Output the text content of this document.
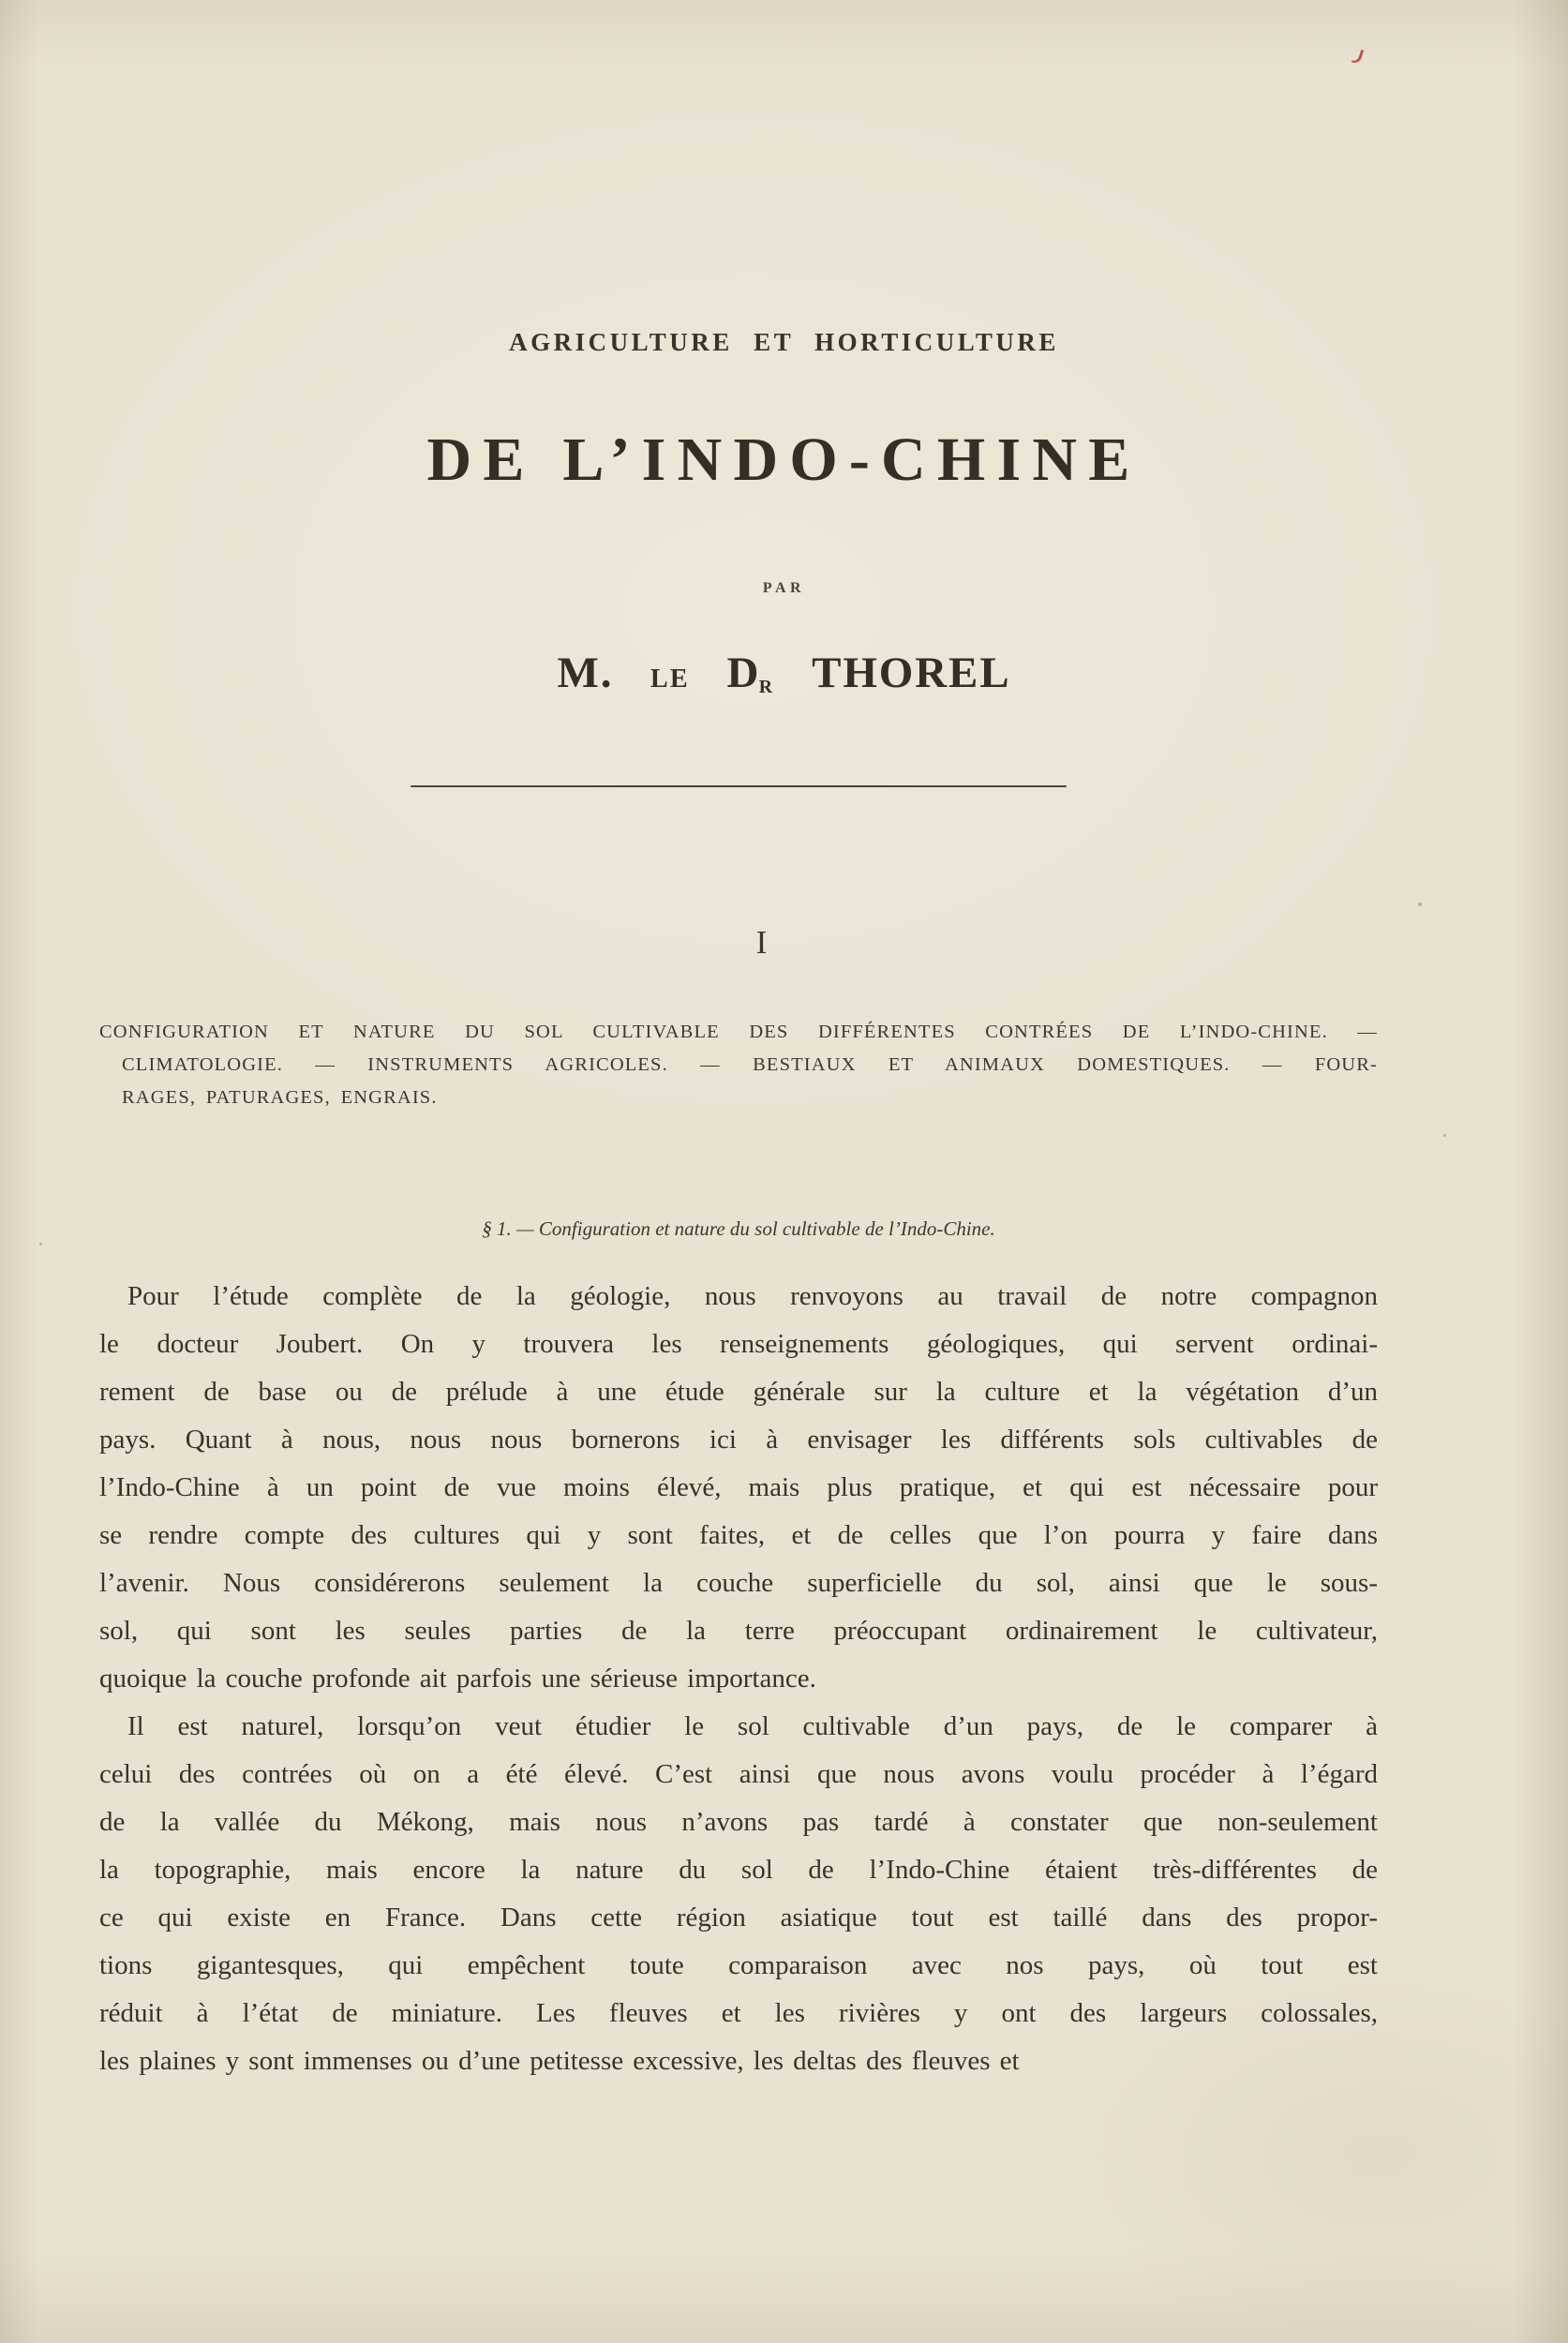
AGRICULTURE ET HORTICULTURE
DE L’INDO-CHINE
PAR
M. LE DR THOREL
I
CONFIGURATION ET NATURE DU SOL CULTIVABLE DES DIFFÉRENTES CONTRÉES DE L’INDO-CHINE. —
CLIMATOLOGIE. — INSTRUMENTS AGRICOLES. — BESTIAUX ET ANIMAUX DOMESTIQUES. — FOUR-
RAGES, PATURAGES, ENGRAIS.
§ 1. — Configuration et nature du sol cultivable de l’Indo-Chine.
Pour l’étude complète de la géologie, nous renvoyons au travail de notre compagnon
le docteur Joubert. On y trouvera les renseignements géologiques, qui servent ordinai-
rement de base ou de prélude à une étude générale sur la culture et la végétation d’un
pays. Quant à nous, nous nous bornerons ici à envisager les différents sols cultivables de
l’Indo-Chine à un point de vue moins élevé, mais plus pratique, et qui est nécessaire pour
se rendre compte des cultures qui y sont faites, et de celles que l’on pourra y faire dans
l’avenir. Nous considérerons seulement la couche superficielle du sol, ainsi que le sous-
sol, qui sont les seules parties de la terre préoccupant ordinairement le cultivateur,
quoique la couche profonde ait parfois une sérieuse importance.
Il est naturel, lorsqu’on veut étudier le sol cultivable d’un pays, de le comparer à
celui des contrées où on a été élevé. C’est ainsi que nous avons voulu procéder à l’égard
de la vallée du Mékong, mais nous n’avons pas tardé à constater que non-seulement
la topographie, mais encore la nature du sol de l’Indo-Chine étaient très-différentes de
ce qui existe en France. Dans cette région asiatique tout est taillé dans des propor-
tions gigantesques, qui empêchent toute comparaison avec nos pays, où tout est
réduit à l’état de miniature. Les fleuves et les rivières y ont des largeurs colossales,
les plaines y sont immenses ou d’une petitesse excessive, les deltas des fleuves et
